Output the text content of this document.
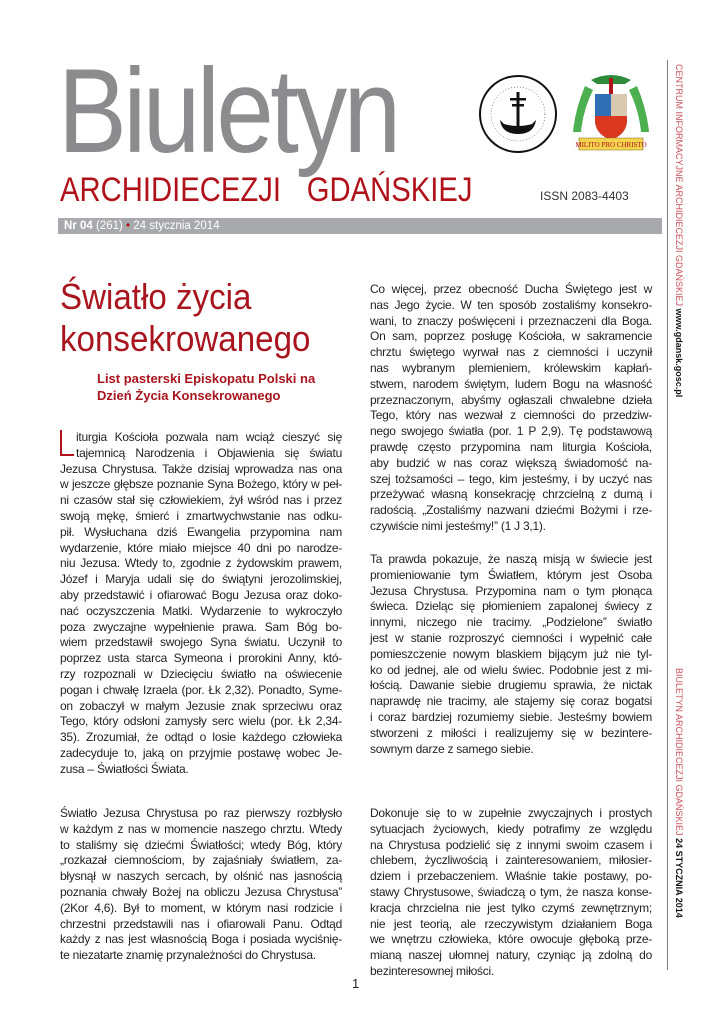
Biuletyn
ARCHIDIECEZJI GDAŃSKIEJ	ISSN 2083-4403
MILITO PRO CHRISTO
Nr 04 (261) • 24 stycznia 2014	CENTRUM INFORMACYJNE ARCHIDIECEZJI GDAŃSKIEJ www.gdansk.gosc.pl
BIULETYN ARCHIDIECEZJI GDAŃSKIEJ 24 STYCZNIA 2014
Światło życia
konsekrowanego
List pasterski Episkopatu Polski na
Dzień Życia Konsekrowanego
iturgia Kościoła pozwala nam wciąż cieszyć się
tajemnicą Narodzenia i Objawienia się światu
Jezusa Chrystusa. Także dzisiaj wprowadza nas ona
w jeszcze głębsze poznanie Syna Bożego, który w peł-
ni czasów stał się człowiekiem, żył wśród nas i przez
swoją mękę, śmierć i zmartwychwstanie nas odku-
pił. Wysłuchana dziś Ewangelia przypomina nam
wydarzenie, które miało miejsce 40 dni po narodze-
niu Jezusa. Wtedy to, zgodnie z żydowskim prawem,
Józef i Maryja udali się do świątyni jerozolimskiej,
aby przedstawić i ofiarować Bogu Jezusa oraz doko-
nać oczyszczenia Matki. Wydarzenie to wykroczyło
poza zwyczajne wypełnienie prawa. Sam Bóg bo-
wiem przedstawił swojego Syna światu. Uczynił to
poprzez usta starca Symeona i prorokini Anny, któ-
rzy rozpoznali w Dziecięciu światło na oświecenie
pogan i chwałę Izraela (por. Łk 2,32). Ponadto, Syme-
on zobaczył w małym Jezusie znak sprzeciwu oraz
Tego, który odsłoni zamysły serc wielu (por. Łk 2,34-
35). Zrozumiał, że odtąd o losie każdego człowieka
zadecyduje to, jaką on przyjmie postawę wobec Je-
zusa – Światłości Świata.
Światło Jezusa Chrystusa po raz pierwszy rozbłysło
w każdym z nas w momencie naszego chrztu. Wtedy
to staliśmy się dziećmi Światłości; wtedy Bóg, który
„rozkazał ciemnościom, by zajaśniały światłem, za-
błysnął w naszych sercach, by olśnić nas jasnością
poznania chwały Bożej na obliczu Jezusa Chrystusa”
(2Kor 4,6). Był to moment, w którym nasi rodzicie i
chrzestni przedstawili nas i ofiarowali Panu. Odtąd
każdy z nas jest własnością Boga i posiada wyciśnię-
te niezatarte znamię przynależności do Chrystusa.
Co więcej, przez obecność Ducha Świętego jest w
nas Jego życie. W ten sposób zostaliśmy konsekro-
wani, to znaczy poświęceni i przeznaczeni dla Boga.
On sam, poprzez posługę Kościoła, w sakramencie
chrztu świętego wyrwał nas z ciemności i uczynił
nas wybranym plemieniem, królewskim kapłań-
stwem, narodem świętym, ludem Bogu na własność
przeznaczonym, abyśmy ogłaszali chwalebne dzieła
Tego, który nas wezwał z ciemności do przedziw-
nego swojego światła (por. 1 P 2,9). Tę podstawową
prawdę często przypomina nam liturgia Kościoła,
aby budzić w nas coraz większą świadomość na-
szej tożsamości – tego, kim jesteśmy, i by uczyć nas
przeżywać własną konsekrację chrzcielną z dumą i
radością. „Zostaliśmy nazwani dziećmi Bożymi i rze-
czywiście nimi jesteśmy!” (1 J 3,1).
Ta prawda pokazuje, że naszą misją w świecie jest
promieniowanie tym Światłem, którym jest Osoba
Jezusa Chrystusa. Przypomina nam o tym płonąca
świeca. Dzieląc się płomieniem zapalonej świecy z
innymi, niczego nie tracimy. „Podzielone” światło
jest w stanie rozproszyć ciemności i wypełnić całe
pomieszczenie nowym blaskiem bijącym już nie tyl-
ko od jednej, ale od wielu świec. Podobnie jest z mi-
łością. Dawanie siebie drugiemu sprawia, że nictak
naprawdę nie tracimy, ale stajemy się coraz bogatsi
i coraz bardziej rozumiemy siebie. Jesteśmy bowiem
stworzeni z miłości i realizujemy się w bezintere-
sownym darze z samego siebie.
Dokonuje się to w zupełnie zwyczajnych i prostych
sytuacjach życiowych, kiedy potrafimy ze względu
na Chrystusa podzielić się z innymi swoim czasem i
chlebem, życzliwością i zainteresowaniem, miłosier-
dziem i przebaczeniem. Właśnie takie postawy, po-
stawy Chrystusowe, świadczą o tym, że nasza konse-
kracja chrzcielna nie jest tylko czymś zewnętrznym;
nie jest teorią, ale rzeczywistym działaniem Boga
we wnętrzu człowieka, które owocuje głęboką prze-
mianą naszej ułomnej natury, czyniąc ją zdolną do
bezinteresownej miłości.
1
